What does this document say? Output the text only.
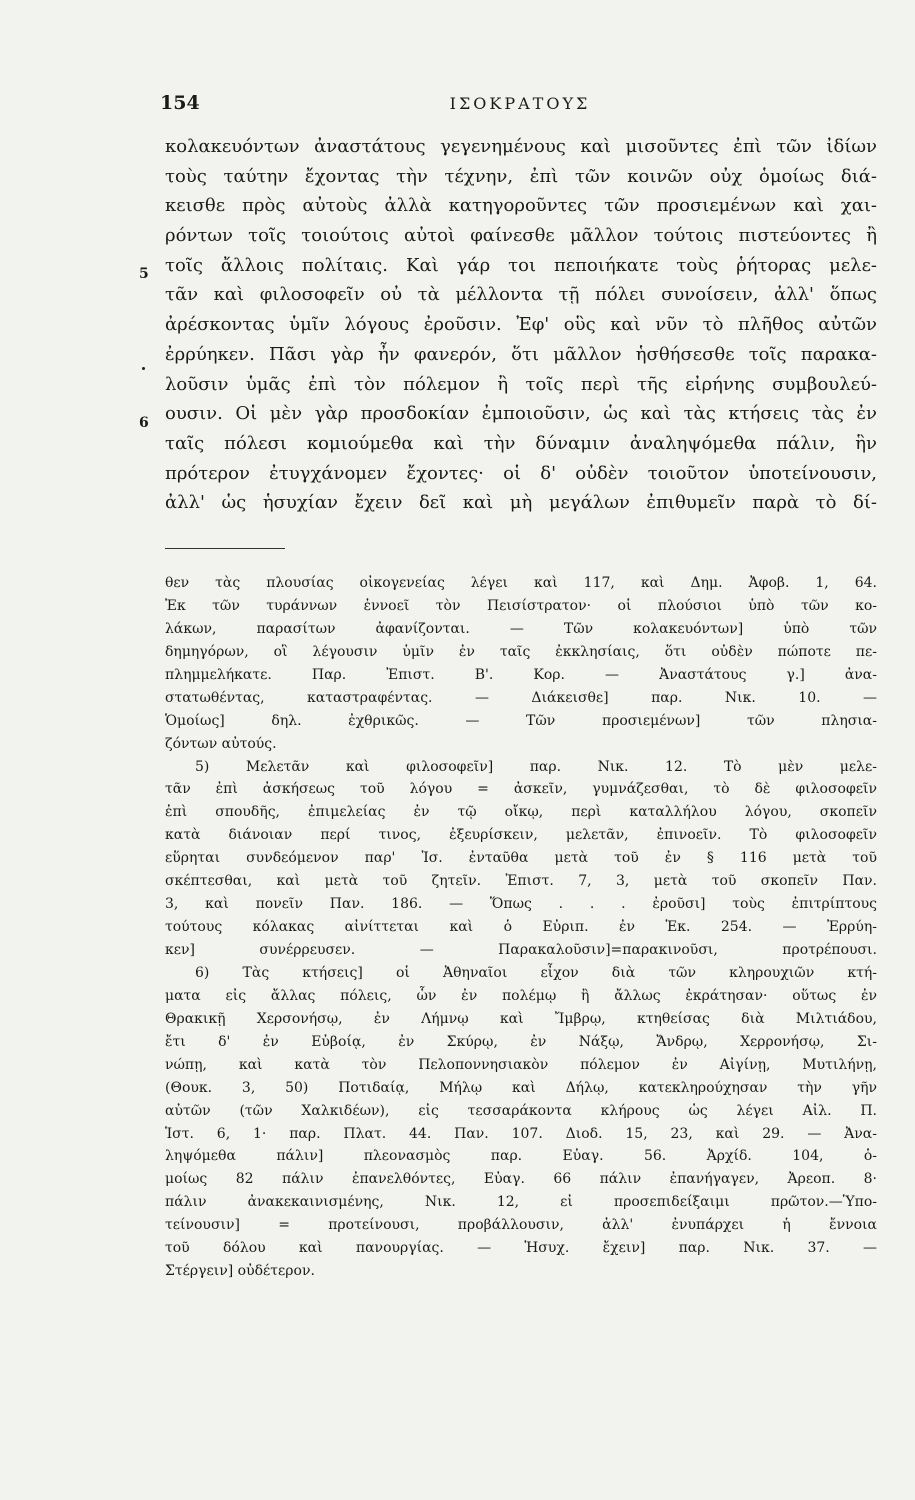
154	ΙΣΟΚΡΑΤΟΥΣ
5
6
κολακευόντων ἀναστάτους γεγενημένους καὶ μισοῦντες ἐπὶ τῶν ἰδίων
τοὺς ταύτην ἔχοντας τὴν τέχνην, ἐπὶ τῶν κοινῶν οὐχ ὁμοίως διά-
κεισθε πρὸς αὐτοὺς ἀλλὰ κατηγοροῦντες τῶν προσιεμένων καὶ χαι-
ρόντων τοῖς τοιούτοις αὐτοὶ φαίνεσθε μᾶλλον τούτοις πιστεύοντες ἢ
τοῖς ἄλλοις πολίταις. Καὶ γάρ τοι πεποιήκατε τοὺς ῥήτορας μελε-
τᾶν καὶ φιλοσοφεῖν οὐ τὰ μέλλοντα τῇ πόλει συνοίσειν, ἀλλ' ὅπως
ἀρέσκοντας ὑμῖν λόγους ἐροῦσιν. Ἐφ' οὓς καὶ νῦν τὸ πλῆθος αὐτῶν
ἐρρύηκεν. Πᾶσι γὰρ ἦν φανερόν, ὅτι μᾶλλον ἡσθήσεσθε τοῖς παρακα-
λοῦσιν ὑμᾶς ἐπὶ τὸν πόλεμον ἢ τοῖς περὶ τῆς εἰρήνης συμβουλεύ-
ουσιν. Οἱ μὲν γὰρ προσδοκίαν ἐμποιοῦσιν, ὡς καὶ τὰς κτήσεις τὰς ἐν
ταῖς πόλεσι κομιούμεθα καὶ τὴν δύναμιν ἀναληψόμεθα πάλιν, ἣν
πρότερον ἐτυγχάνομεν ἔχοντες· οἱ δ' οὐδὲν τοιοῦτον ὑποτείνουσιν,
ἀλλ' ὡς ἡσυχίαν ἔχειν δεῖ καὶ μὴ μεγάλων ἐπιθυμεῖν παρὰ τὸ δί-
θεν τὰς πλουσίας οἰκογενείας λέγει καὶ 117, καὶ Δημ. Ἀφοβ. 1, 64.
Ἐκ τῶν τυράννων ἐννοεῖ τὸν Πεισίστρατον· οἱ πλούσιοι ὑπὸ τῶν κο-
λάκων, παρασίτων ἀφανίζονται. — Τῶν κολακευόντων] ὑπὸ τῶν
δημηγόρων, οἳ λέγουσιν ὑμῖν ἐν ταῖς ἐκκλησίαις, ὅτι οὐδὲν πώποτε πε-
πλημμελήκατε. Παρ. Ἐπιστ. Β'. Κορ. — Ἀναστάτους γ.] ἀνα-
στατωθέντας, καταστραφέντας. — Διάκεισθε] παρ. Νικ. 10. —
Ὁμοίως] δηλ. ἐχθρικῶς. — Τῶν προσιεμένων] τῶν πλησια-
ζόντων αὐτούς.
5) Μελετᾶν καὶ φιλοσοφεῖν] παρ. Νικ. 12. Τὸ μὲν μελε-
τᾶν ἐπὶ ἀσκήσεως τοῦ λόγου = ἀσκεῖν, γυμνάζεσθαι, τὸ δὲ φιλοσοφεῖν
ἐπὶ σπουδῆς, ἐπιμελείας ἐν τῷ οἴκῳ, περὶ καταλλήλου λόγου, σκοπεῖν
κατὰ διάνοιαν περί τινος, ἐξευρίσκειν, μελετᾶν, ἐπινοεῖν. Τὸ φιλοσοφεῖν
εὕρηται συνδεόμενον παρ' Ἰσ. ἐνταῦθα μετὰ τοῦ ἐν § 116 μετὰ τοῦ
σκέπτεσθαι, καὶ μετὰ τοῦ ζητεῖν. Ἐπιστ. 7, 3, μετὰ τοῦ σκοπεῖν Παν.
3, καὶ πονεῖν Παν. 186. — Ὅπως . . . ἐροῦσι] τοὺς ἐπιτρίπτους
τούτους κόλακας αἰνίττεται καὶ ὁ Εὐριπ. ἐν Ἑκ. 254. — Ἐρρύη-
κεν] συνέρρευσεν. — Παρακαλοῦσιν]=παρακινοῦσι, προτρέπουσι.
6) Τὰς κτήσεις] οἱ Ἀθηναῖοι εἶχον διὰ τῶν κληρουχιῶν κτή-
ματα εἰς ἄλλας πόλεις, ὧν ἐν πολέμῳ ἢ ἄλλως ἐκράτησαν· οὕτως ἐν
Θρακικῇ Χερσονήσῳ, ἐν Λήμνῳ καὶ Ἴμβρῳ, κτηθείσας διὰ Μιλτιάδου,
ἔτι δ' ἐν Εὐβοίᾳ, ἐν Σκύρῳ, ἐν Νάξῳ, Ἄνδρῳ, Χερρονήσῳ, Σι-
νώπῃ, καὶ κατὰ τὸν Πελοποννησιακὸν πόλεμον ἐν Αἰγίνῃ, Μυτιλήνῃ,
(Θουκ. 3, 50) Ποτιδαίᾳ, Μήλῳ καὶ Δήλῳ, κατεκληρούχησαν τὴν γῆν
αὐτῶν (τῶν Χαλκιδέων), εἰς τεσσαράκοντα κλήρους ὡς λέγει Αἰλ. Π.
Ἱστ. 6, 1· παρ. Πλατ. 44. Παν. 107. Διοδ. 15, 23, καὶ 29. — Ἀνα-
ληψόμεθα πάλιν] πλεονασμὸς παρ. Εὐαγ. 56. Ἀρχίδ. 104, ὁ-
μοίως 82 πάλιν ἐπανελθόντες, Εὐαγ. 66 πάλιν ἐπανήγαγεν, Ἀρεοπ. 8·
πάλιν ἀνακεκαινισμένης, Νικ. 12, εἰ προσεπιδείξαιμι πρῶτον.—Ὑπο-
τείνουσιν] = προτείνουσι, προβάλλουσιν, ἀλλ' ἐνυπάρχει ἡ ἔννοια
τοῦ δόλου καὶ πανουργίας. — Ἡσυχ. ἔχειν] παρ. Νικ. 37. —
Στέργειν] οὐδέτερον.
